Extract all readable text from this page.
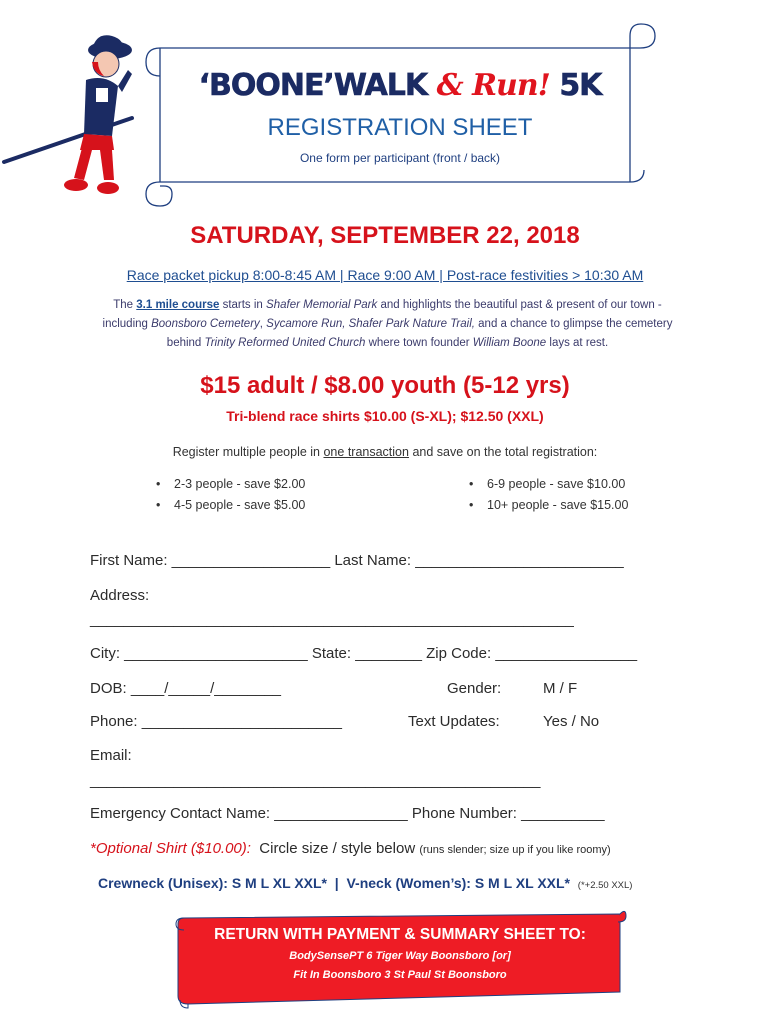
‘BOONE’WALK & Run! 5K
REGISTRATION SHEET
One form per participant (front / back)
SATURDAY, SEPTEMBER 22, 2018
Race packet pickup 8:00-8:45 AM | Race 9:00 AM | Post-race festivities > 10:30 AM
The 3.1 mile course starts in Shafer Memorial Park and highlights the beautiful past & present of our town - including Boonsboro Cemetery, Sycamore Run, Shafer Park Nature Trail, and a chance to glimpse the cemetery behind Trinity Reformed United Church where town founder William Boone lays at rest.
$15 adult / $8.00 youth (5-12 yrs)
Tri-blend race shirts $10.00 (S-XL); $12.50 (XXL)
Register multiple people in one transaction and save on the total registration:
• 2-3 people - save $2.00
• 4-5 people - save $5.00
• 6-9 people - save $10.00
• 10+ people - save $15.00
First Name: ___________________ Last Name: _________________________
Address:
__________________________________________________________
City: ______________________ State: ________ Zip Code: _________________
DOB: ____/_____/________	Gender:	M / F
Phone: ________________________	Text Updates:	Yes / No
Email:
______________________________________________________
Emergency Contact Name: ________________ Phone Number: __________
*Optional Shirt ($10.00):  Circle size / style below (runs slender; size up if you like roomy)
Crewneck (Unisex): S M L XL XXL*  |  V-neck (Women’s): S M L XL XXL*  (*+2.50 XXL)
RETURN WITH PAYMENT & SUMMARY SHEET TO:
BodySensePT 6 Tiger Way Boonsboro [or]
Fit In Boonsboro 3 St Paul St Boonsboro
